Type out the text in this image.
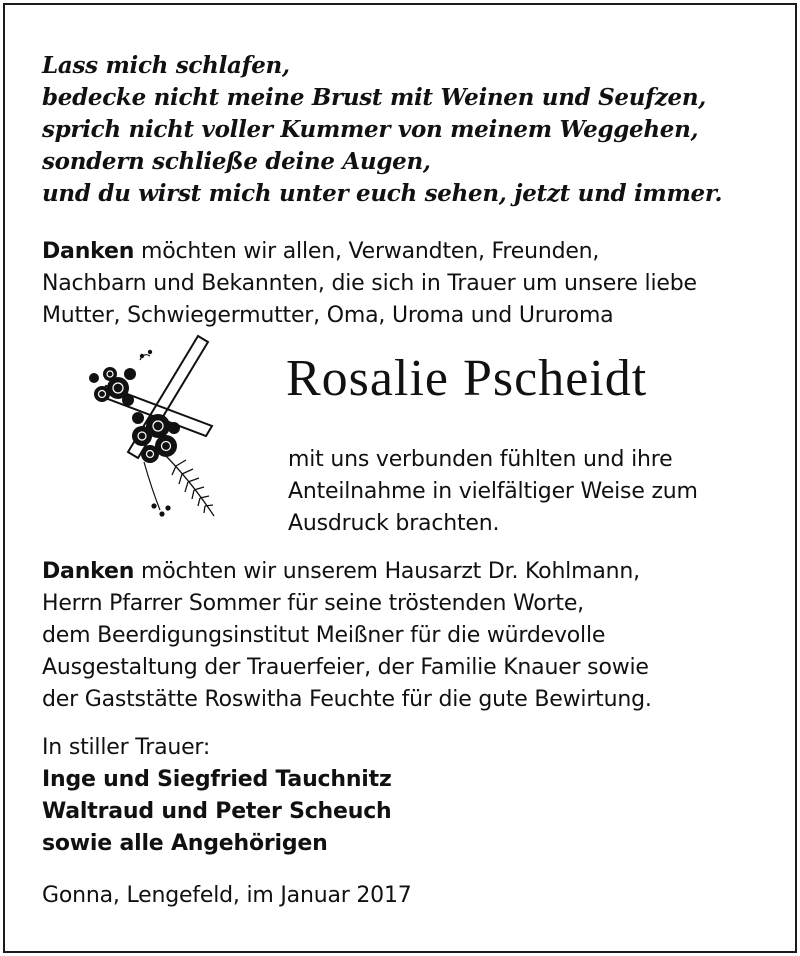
Lass mich schlafen,
bedecke nicht meine Brust mit Weinen und Seufzen,
sprich nicht voller Kummer von meinem Weggehen,
sondern schließe deine Augen,
und du wirst mich unter euch sehen, jetzt und immer.
Danken möchten wir allen, Verwandten, Freunden,
Nachbarn und Bekannten, die sich in Trauer um unsere liebe
Mutter, Schwiegermutter, Oma, Uroma und Ururoma
Rosalie Pscheidt
mit uns verbunden fühlten und ihre
Anteilnahme in vielfältiger Weise zum
Ausdruck brachten.
Danken möchten wir unserem Hausarzt Dr. Kohlmann,
Herrn Pfarrer Sommer für seine tröstenden Worte,
dem Beerdigungsinstitut Meißner für die würdevolle
Ausgestaltung der Trauerfeier, der Familie Knauer sowie
der Gaststätte Roswitha Feuchte für die gute Bewirtung.
In stiller Trauer:
Inge und Siegfried Tauchnitz
Waltraud und Peter Scheuch
sowie alle Angehörigen
Gonna, Lengefeld, im Januar 2017
